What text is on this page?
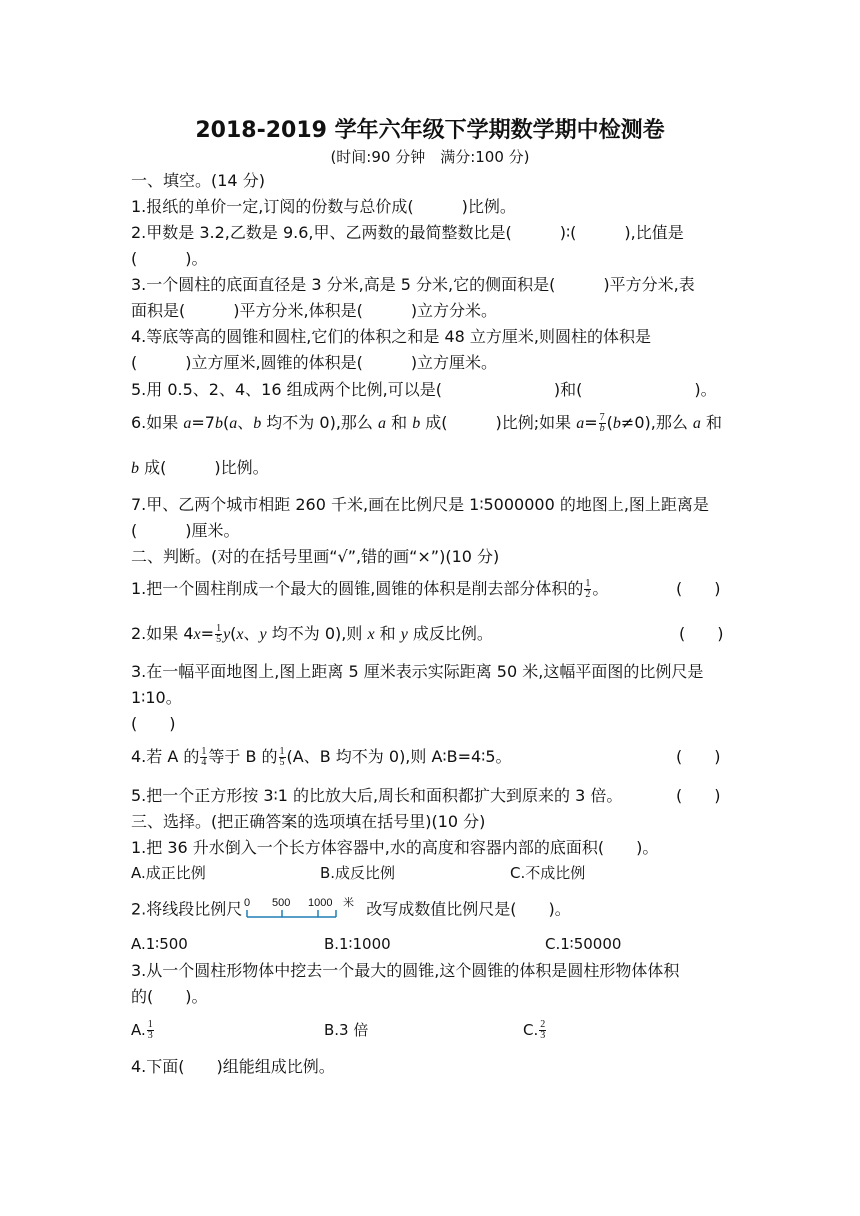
2018-2019 学年六年级下学期数学期中检测卷
(时间:90 分钟　满分:100 分)
一、填空。(14 分)
1.报纸的单价一定,订阅的份数与总价成(　　　)比例。
2.甲数是 3.2,乙数是 9.6,甲、乙两数的最简整数比是(　　　)∶(　　　),比值是
(　　　)。
3.一个圆柱的底面直径是 3 分米,高是 5 分米,它的侧面积是(　　　)平方分米,表
面积是(　　　)平方分米,体积是(　　　)立方分米。
4.等底等高的圆锥和圆柱,它们的体积之和是 48 立方厘米,则圆柱的体积是
(　　　)立方厘米,圆锥的体积是(　　　)立方厘米。
5.用 0.5、2、4、16 组成两个比例,可以是(　　　　　　　)和(　　　　　　　)。
6.如果 a=7b(a、b 均不为 0),那么 a 和 b 成(　　　)比例;如果 $a= \frac{7}{b} (b\ne 0)$,那么 a 和
b 成(　　　)比例。
7.甲、乙两个城市相距 260 千米,画在比例尺是 1∶5000000 的地图上,图上距离是
(　　　)厘米。
二、判断。(对的在括号里画“√”,错的画“×”)(10 分)
1.把一个圆柱削成一个最大的圆锥,圆锥的体积是削去部分体积的 $\frac{1}{2}$ 。	(　　)
2.如果 $4x= \frac{1}{5} y(x$、y 均不为 0),则 x 和 y 成反比例。	(　　)
3.在一幅平面地图上,图上距离 5 厘米表示实际距离 50 米,这幅平面图的比例尺是
1∶10。
(　　)
4.若 A 的 $\frac{1}{4}$ 等于 B 的 $\frac{1}{5} (A$、B 均不为 0),则 A∶B=4∶5。	(　　)
5.把一个正方形按 3∶1 的比放大后,周长和面积都扩大到原来的 3 倍。	(　　)
三、选择。(把正确答案的选项填在括号里)(10 分)
1.把 36 升水倒入一个长方体容器中,水的高度和容器内部的底面积(　　)。
A.成正比例	B.成反比例	C.不成比例
2.将线段比例尺 0 500 1000 米 改写成数值比例尺是(　　)。
A.1∶500	B.1∶1000	C.1∶50000
3.从一个圆柱形物体中挖去一个最大的圆锥,这个圆锥的体积是圆柱形物体体积
的(　　)。
A. $\frac{1}{3}$	B.3 倍	C. $\frac{2}{3}$
4.下面(　　)组能组成比例。
